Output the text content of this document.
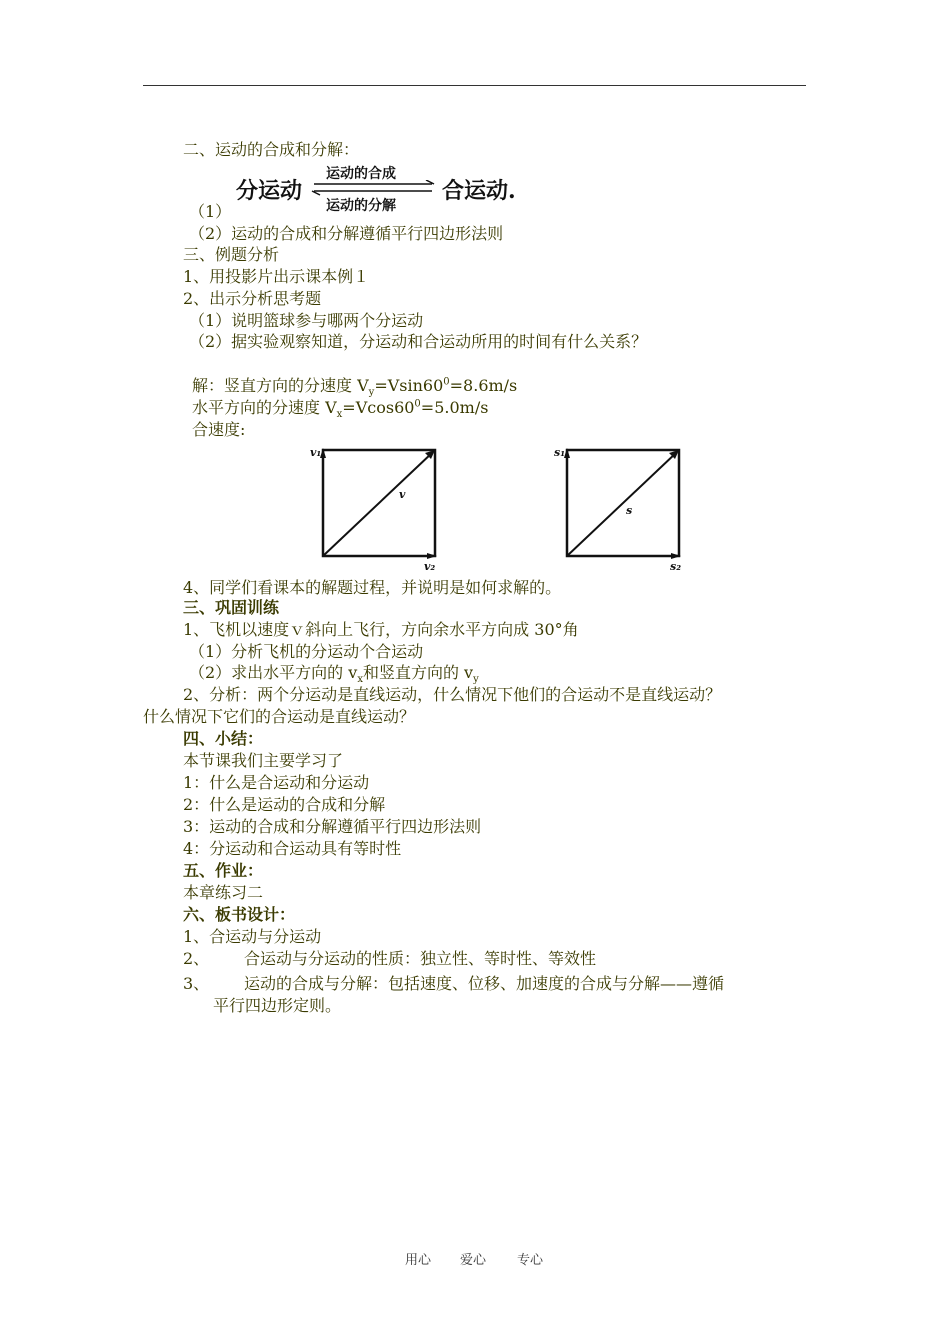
二、运动的合成和分解：
分运动
运动的合成
运动的分解
合运动.
（1）
（2）运动的合成和分解遵循平行四边形法则
三、例题分析
1、用投影片出示课本例１
2、出示分析思考题
（1）说明篮球参与哪两个分运动
（2）据实验观察知道，分运动和合运动所用的时间有什么关系？
解：竖直方向的分速度 $V_y=Vsin60^0=8.6m/s$
水平方向的分速度 $V_x=Vcos60^0=5.0m/s$
合速度:
v₁
v
v₂
s₁
s
s₂
4、同学们看课本的解题过程，并说明是如何求解的。
三、巩固训练
1、飞机以速度ｖ斜向上飞行，方向余水平方向成 30°角
（1）分析飞机的分运动个合运动
（2）求出水平方向的 $v_x$和竖直方向的 $v_y$
2、分析：两个分运动是直线运动，什么情况下他们的合运动不是直线运动？
什么情况下它们的合运动是直线运动？
四、小结：
本节课我们主要学习了
1：什么是合运动和分运动
2：什么是运动的合成和分解
3：运动的合成和分解遵循平行四边形法则
4：分运动和合运动具有等时性
五、作业：
本章练习二
六、板书设计：
1、合运动与分运动
2、 合运动与分运动的性质：独立性、等时性、等效性
3、 运动的合成与分解：包括速度、位移、加速度的合成与分解——遵循
平行四边形定则。
用心 爱心 专心
